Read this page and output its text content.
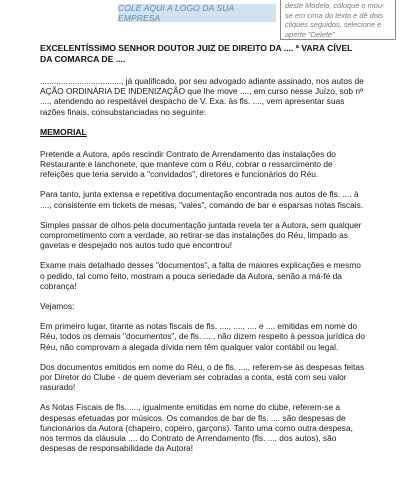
COLE AQUI A LOGO DA SUA EMPRESA
deste Modelo, coloque o mou-se em cima do texto e dê dois cliques seguidos, selecione e aperte "Delete"

EXCELENTÍSSIMO SENHOR DOUTOR JUIZ DE DIREITO DA .... ª VARA CÍVEL DA COMARCA DE ....

..................................., já qualificado, por seu advogado adiante assinado, nos autos de AÇÃO ORDINÁRIA DE INDENIZAÇÃO que lhe move ...., em curso nesse Juízo, sob nº ...., atendendo ao respeitável despacho de V. Exa. às fls. ...., vem apresentar suas razões finais, consubstanciadas no seguinte:

MEMORIAL

Pretende a Autora, após rescindir Contrato de Arrendamento das instalações do Restaurante e lanchonete, que manteve com o Réu, cobrar o ressarcimento de refeições que teria servido a "convidados", diretores e funcionários do Réu.

Para tanto, junta extensa e repetitiva documentação encontrada nos autos de fls. .... à ...., consistente em tickets de mesas, "vales", comando de bar e esparsas notas fiscais.

Simples passar de olhos pela documentação juntada revela ter a Autora, sem qualquer comprometimento com a verdade, ao retirar-se das instalações do Réu, limpado as gavetas e despejado nos autos tudo que encontrou!

Exame mais detalhado desses "documentos", a falta de maiores explicações e mesmo o pedido, tal como feito, mostram a pouca seriedade da Autora, senão a má-fé da cobrança!

Vejamos:

Em primeiro lugar, tirante as notas fiscais de fls. ...., ...., .... e .... emitidas em nome do Réu, todos os demais "documentos", de fls. ...., não dizem respeito à pessoa jurídica do Réu, não comprovam a alegada dívida nem têm qualquer valor contábil ou legal.

Dos documentos emitidos em nome do Réu, o de fls. ...., referem-se às despesas feitas por Diretor do Clube - de quem deveriam ser cobradas a conta, está com seu valor rasurado!

As Notas Fiscais de fls. ...., igualmente emitidas em nome do clube, referem-se a despesas efetuadas por músicos. Os comandos de bar de fls. .... são despesas de funcionários da Autora (chapeiro, copeiro, garçons). Tanto uma como outra despesa, nos termos da cláusula .... do Contrato de Arrendamento (fls. .... dos autos), são despesas de responsabilidade da Autora!
